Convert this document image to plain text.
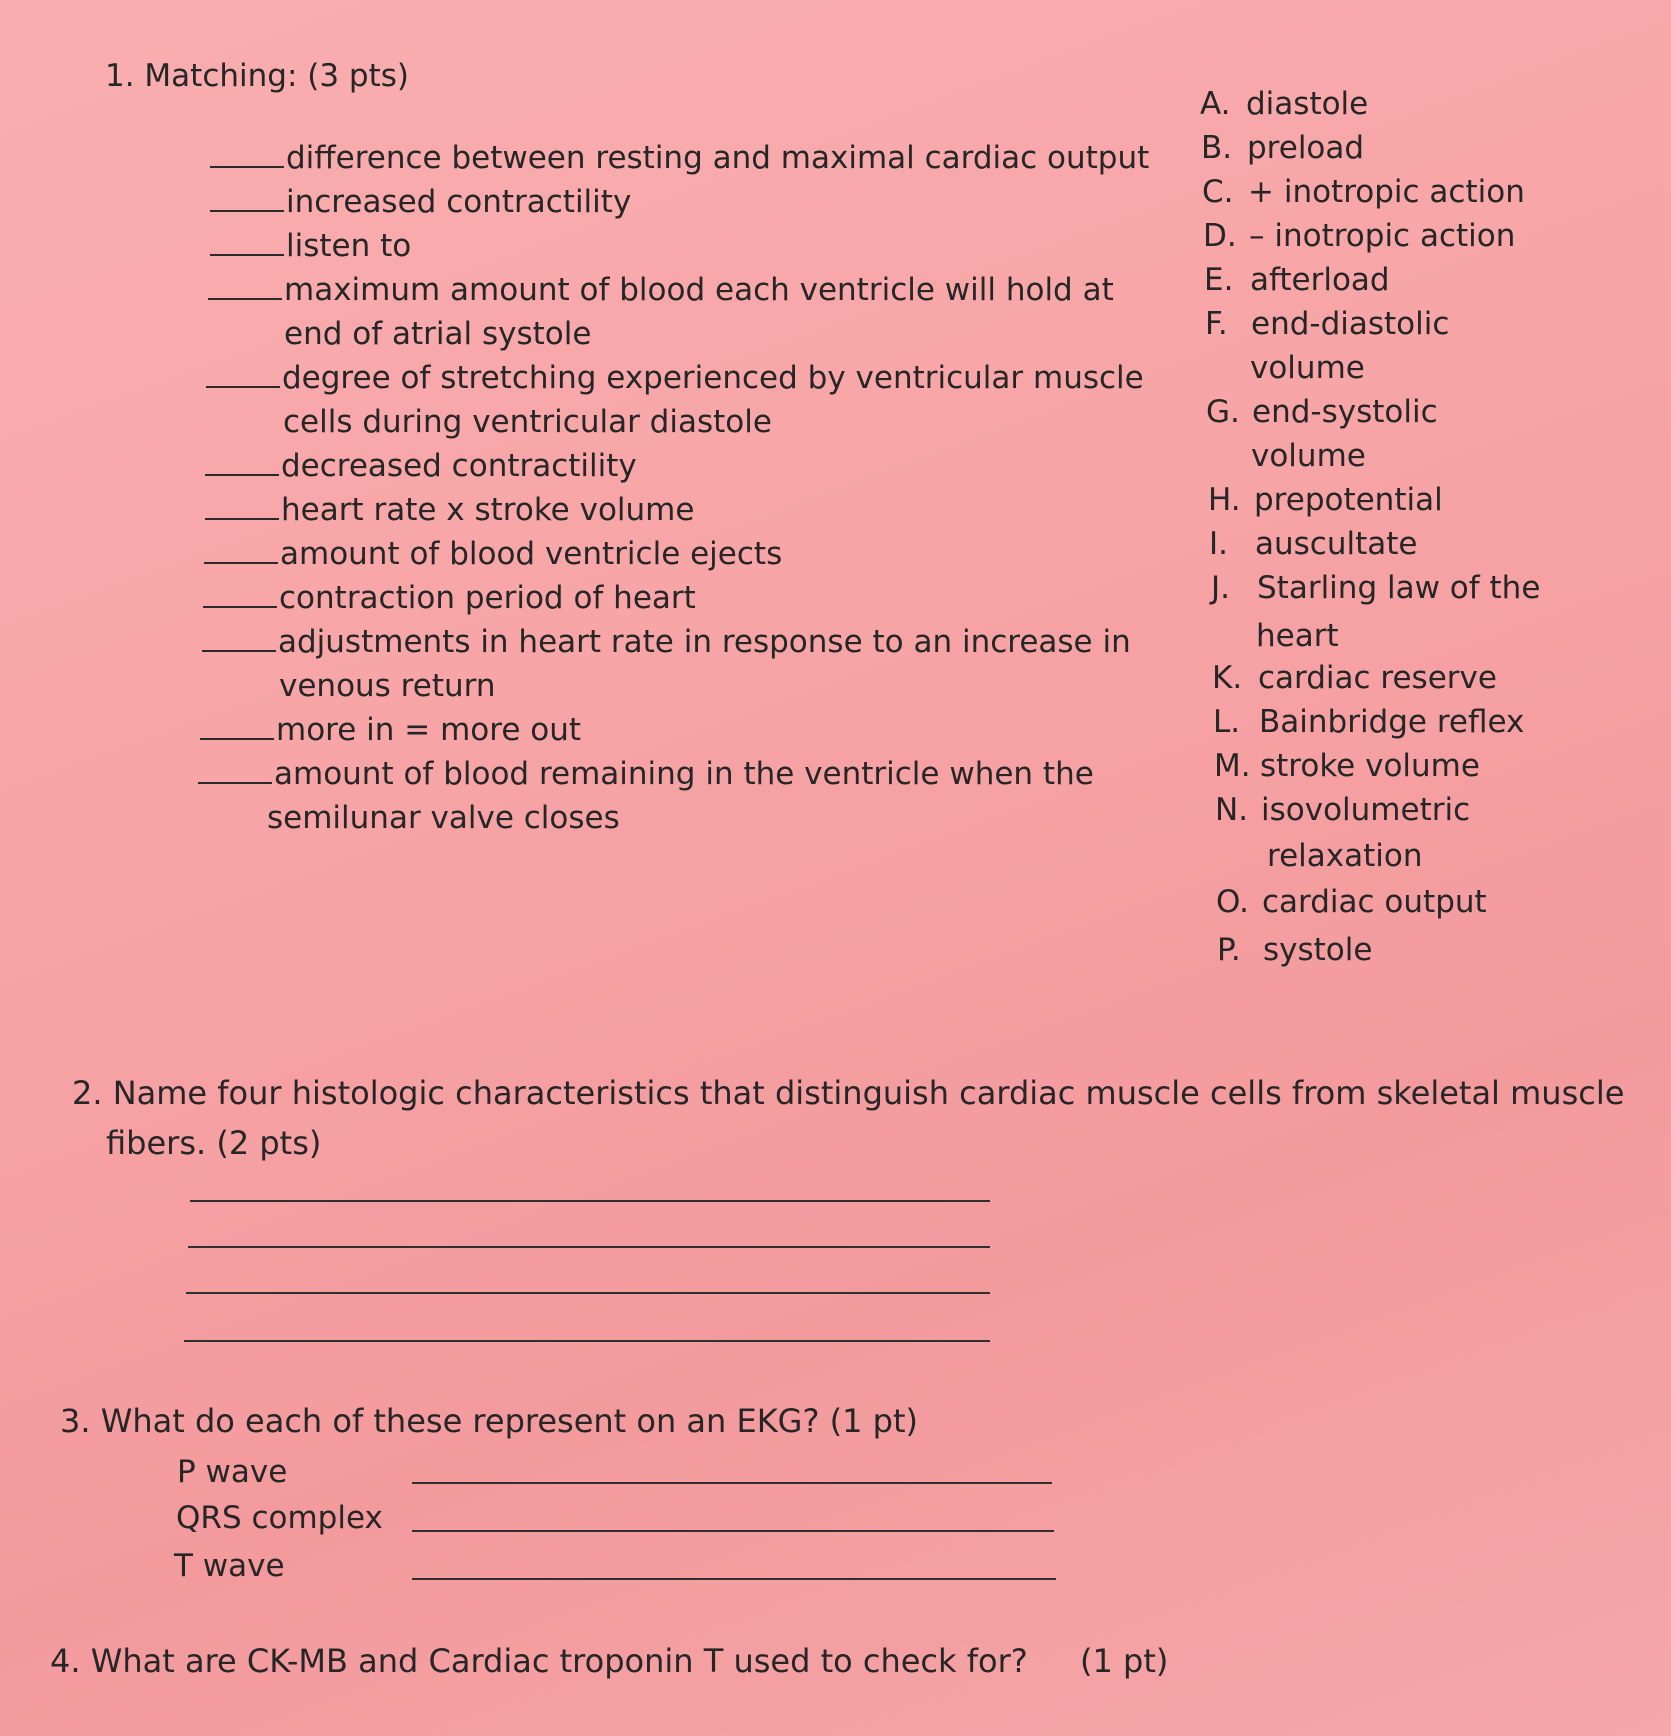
1. Matching: (3 pts)
difference between resting and maximal cardiac output
increased contractility
listen to
maximum amount of blood each ventricle will hold at
end of atrial systole
degree of stretching experienced by ventricular muscle
cells during ventricular diastole
decreased contractility
heart rate x stroke volume
amount of blood ventricle ejects
contraction period of heart
adjustments in heart rate in response to an increase in
venous return
more in = more out
amount of blood remaining in the ventricle when the
semilunar valve closes
A. diastole
B. preload
C. + inotropic action
D. – inotropic action
E. afterload
F. end-diastolic
volume
G. end-systolic
volume
H. prepotential
I. auscultate
J. Starling law of the
heart
K. cardiac reserve
L. Bainbridge reflex
M. stroke volume
N. isovolumetric
relaxation
O. cardiac output
P. systole
2. Name four histologic characteristics that distinguish cardiac muscle cells from skeletal muscle
fibers. (2 pts)
3. What do each of these represent on an EKG? (1 pt)
P wave
QRS complex
T wave
4. What are CK-MB and Cardiac troponin T used to check for? (1 pt)
